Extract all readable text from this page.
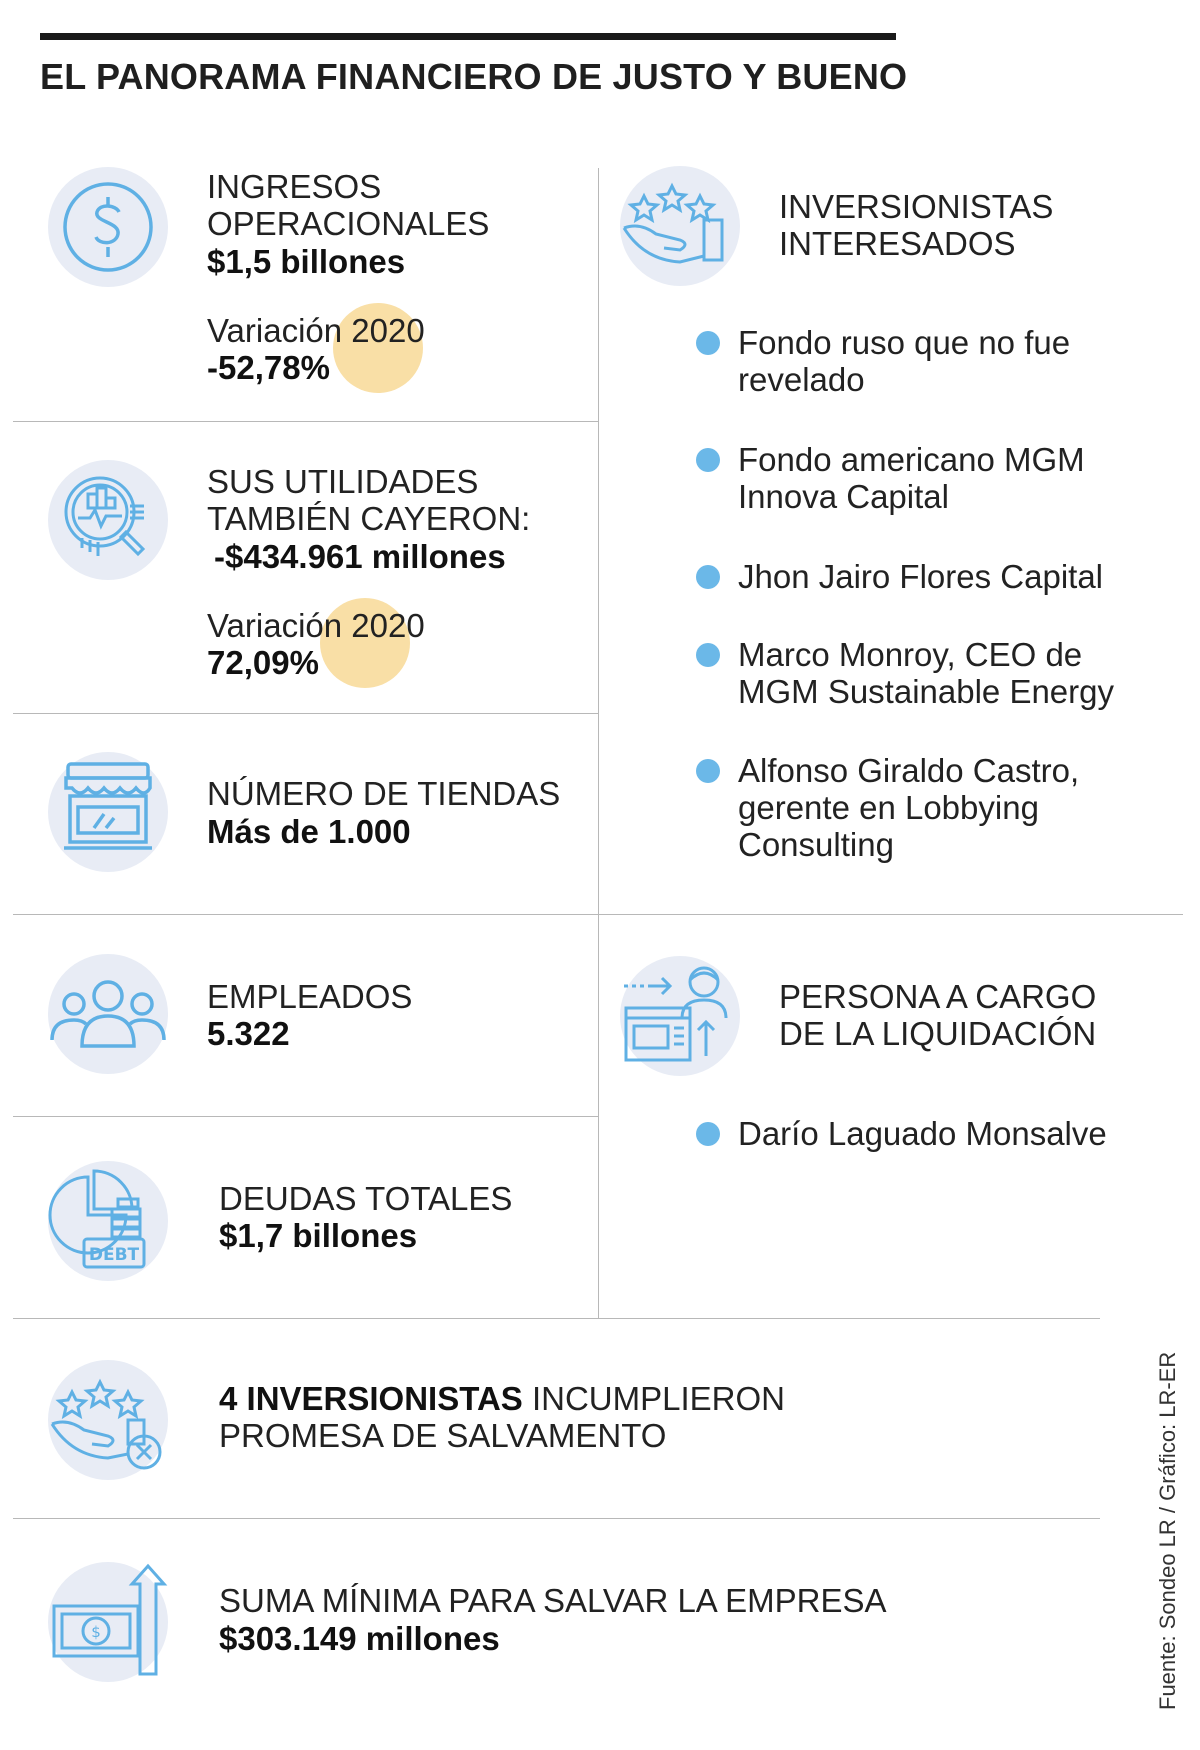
EL PANORAMA FINANCIERO DE JUSTO Y BUENO
INGRESOS
OPERACIONALES
$1,5 billones
Variación 2020
-52,78%
SUS UTILIDADES
TAMBIÉN CAYERON:
-$434.961 millones
Variación 2020
72,09%
NÚMERO DE TIENDAS
Más de 1.000
EMPLEADOS
5.322
DEBT
DEUDAS TOTALES
$1,7 billones
4 INVERSIONISTAS INCUMPLIERON
PROMESA DE SALVAMENTO
$
SUMA MÍNIMA PARA SALVAR LA EMPRESA
$303.149 millones
INVERSIONISTAS
INTERESADOS
Fondo ruso que no fue
revelado
Fondo americano MGM
Innova Capital
Jhon Jairo Flores Capital
Marco Monroy, CEO de
MGM Sustainable Energy
Alfonso Giraldo Castro,
gerente en Lobbying
Consulting
PERSONA A CARGO
DE LA LIQUIDACIÓN
Darío Laguado Monsalve
Fuente: Sondeo LR / Gráfico: LR-ER
